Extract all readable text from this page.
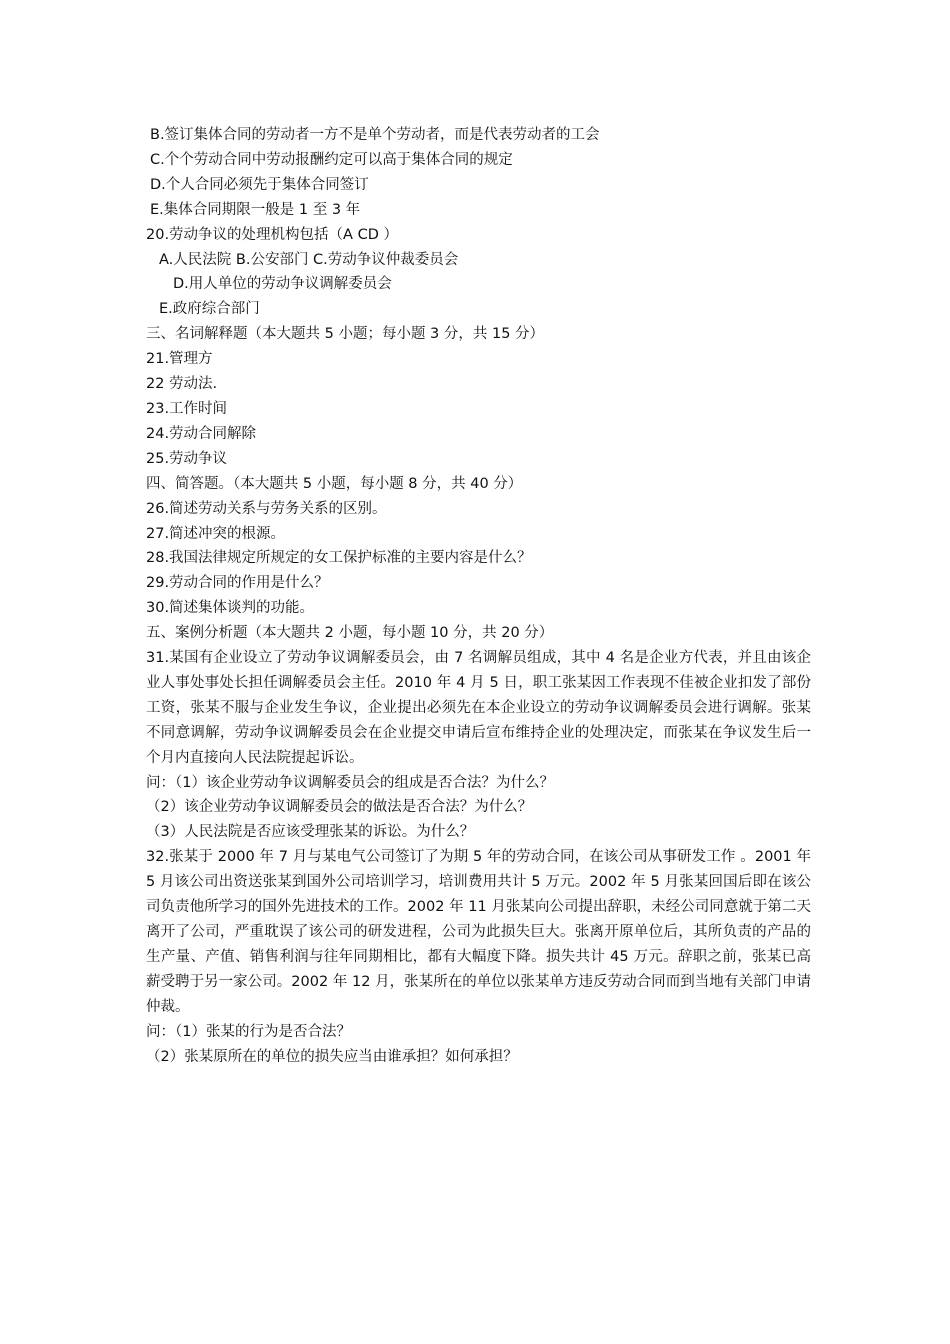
B.签订集体合同的劳动者一方不是单个劳动者，而是代表劳动者的工会
C.个个劳动合同中劳动报酬约定可以高于集体合同的规定
D.个人合同必须先于集体合同签订
E.集体合同期限一般是 1 至 3 年
20.劳动争议的处理机构包括（A CD ）
A.人民法院 B.公安部门 C.劳动争议仲裁委员会
D.用人单位的劳动争议调解委员会
E.政府综合部门
三、名词解释题（本大题共 5 小题；每小题 3 分，共 15 分）
21.管理方
22 劳动法.
23.工作时间
24.劳动合同解除
25.劳动争议
四、简答题。（本大题共 5 小题，每小题 8 分，共 40 分）
26.简述劳动关系与劳务关系的区别。
27.简述冲突的根源。
28.我国法律规定所规定的女工保护标准的主要内容是什么？
29.劳动合同的作用是什么？
30.简述集体谈判的功能。
五、案例分析题（本大题共 2 小题，每小题 10 分，共 20 分）
31.某国有企业设立了劳动争议调解委员会，由 7 名调解员组成，其中 4 名是企业方代表，并且由该企业人事处事处长担任调解委员会主任。2010 年 4 月 5 日，职工张某因工作表现不佳被企业扣发了部份工资，张某不服与企业发生争议，企业提出必须先在本企业设立的劳动争议调解委员会进行调解。张某不同意调解，劳动争议调解委员会在企业提交申请后宣布维持企业的处理决定，而张某在争议发生后一个月内直接向人民法院提起诉讼。
问：（1）该企业劳动争议调解委员会的组成是否合法？为什么？
（2）该企业劳动争议调解委员会的做法是否合法？为什么？
（3）人民法院是否应该受理张某的诉讼。为什么？
32.张某于 2000 年 7 月与某电气公司签订了为期 5 年的劳动合同，在该公司从事研发工作 。2001 年 5 月该公司出资送张某到国外公司培训学习，培训费用共计 5 万元。2002 年 5 月张某回国后即在该公司负责他所学习的国外先进技术的工作。2002 年 11 月张某向公司提出辞职，未经公司同意就于第二天离开了公司，严重耽误了该公司的研发进程，公司为此损失巨大。张离开原单位后，其所负责的产品的生产量、产值、销售利润与往年同期相比，都有大幅度下降。损失共计 45 万元。辞职之前，张某已高薪受聘于另一家公司。2002 年 12 月，张某所在的单位以张某单方违反劳动合同而到当地有关部门申请仲裁。
问：（1）张某的行为是否合法？
（2）张某原所在的单位的损失应当由谁承担？如何承担？
